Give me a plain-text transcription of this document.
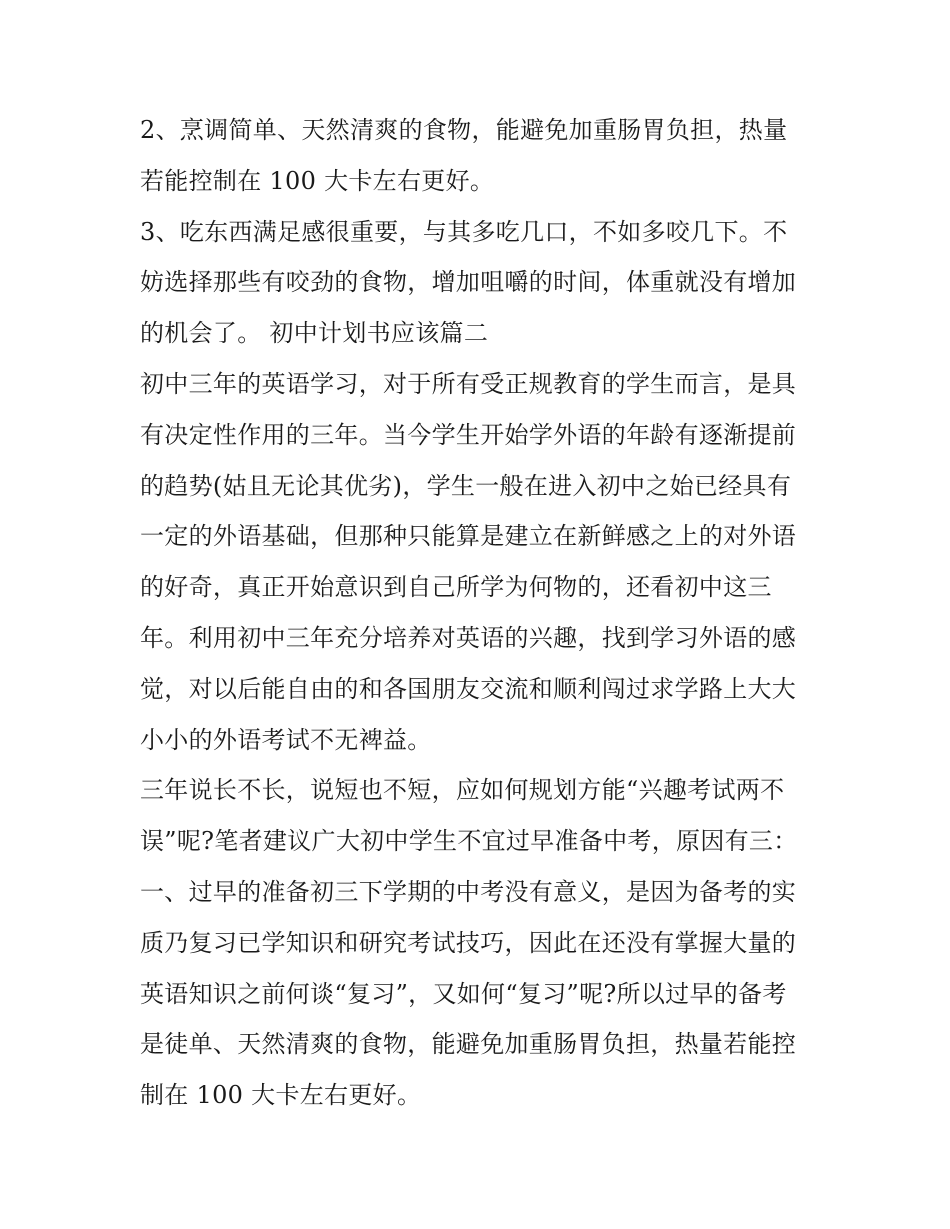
2、烹调简单、天然清爽的食物，能避免加重肠胃负担，热量
若能控制在 100 大卡左右更好。
3、吃东西满足感很重要，与其多吃几口，不如多咬几下。不
妨选择那些有咬劲的食物，增加咀嚼的时间，体重就没有增加
的机会了。 初中计划书应该篇二
初中三年的英语学习，对于所有受正规教育的学生而言，是具
有决定性作用的三年。当今学生开始学外语的年龄有逐渐提前
的趋势(姑且无论其优劣)，学生一般在进入初中之始已经具有
一定的外语基础，但那种只能算是建立在新鲜感之上的对外语
的好奇，真正开始意识到自己所学为何物的，还看初中这三
年。利用初中三年充分培养对英语的兴趣，找到学习外语的感
觉，对以后能自由的和各国朋友交流和顺利闯过求学路上大大
小小的外语考试不无裨益。
三年说长不长，说短也不短，应如何规划方能“兴趣考试两不
误”呢?笔者建议广大初中学生不宜过早准备中考，原因有三：
一、过早的准备初三下学期的中考没有意义，是因为备考的实
质乃复习已学知识和研究考试技巧，因此在还没有掌握大量的
英语知识之前何谈“复习”，又如何“复习”呢?所以过早的备考
是徒单、天然清爽的食物，能避免加重肠胃负担，热量若能控
制在 100 大卡左右更好。
